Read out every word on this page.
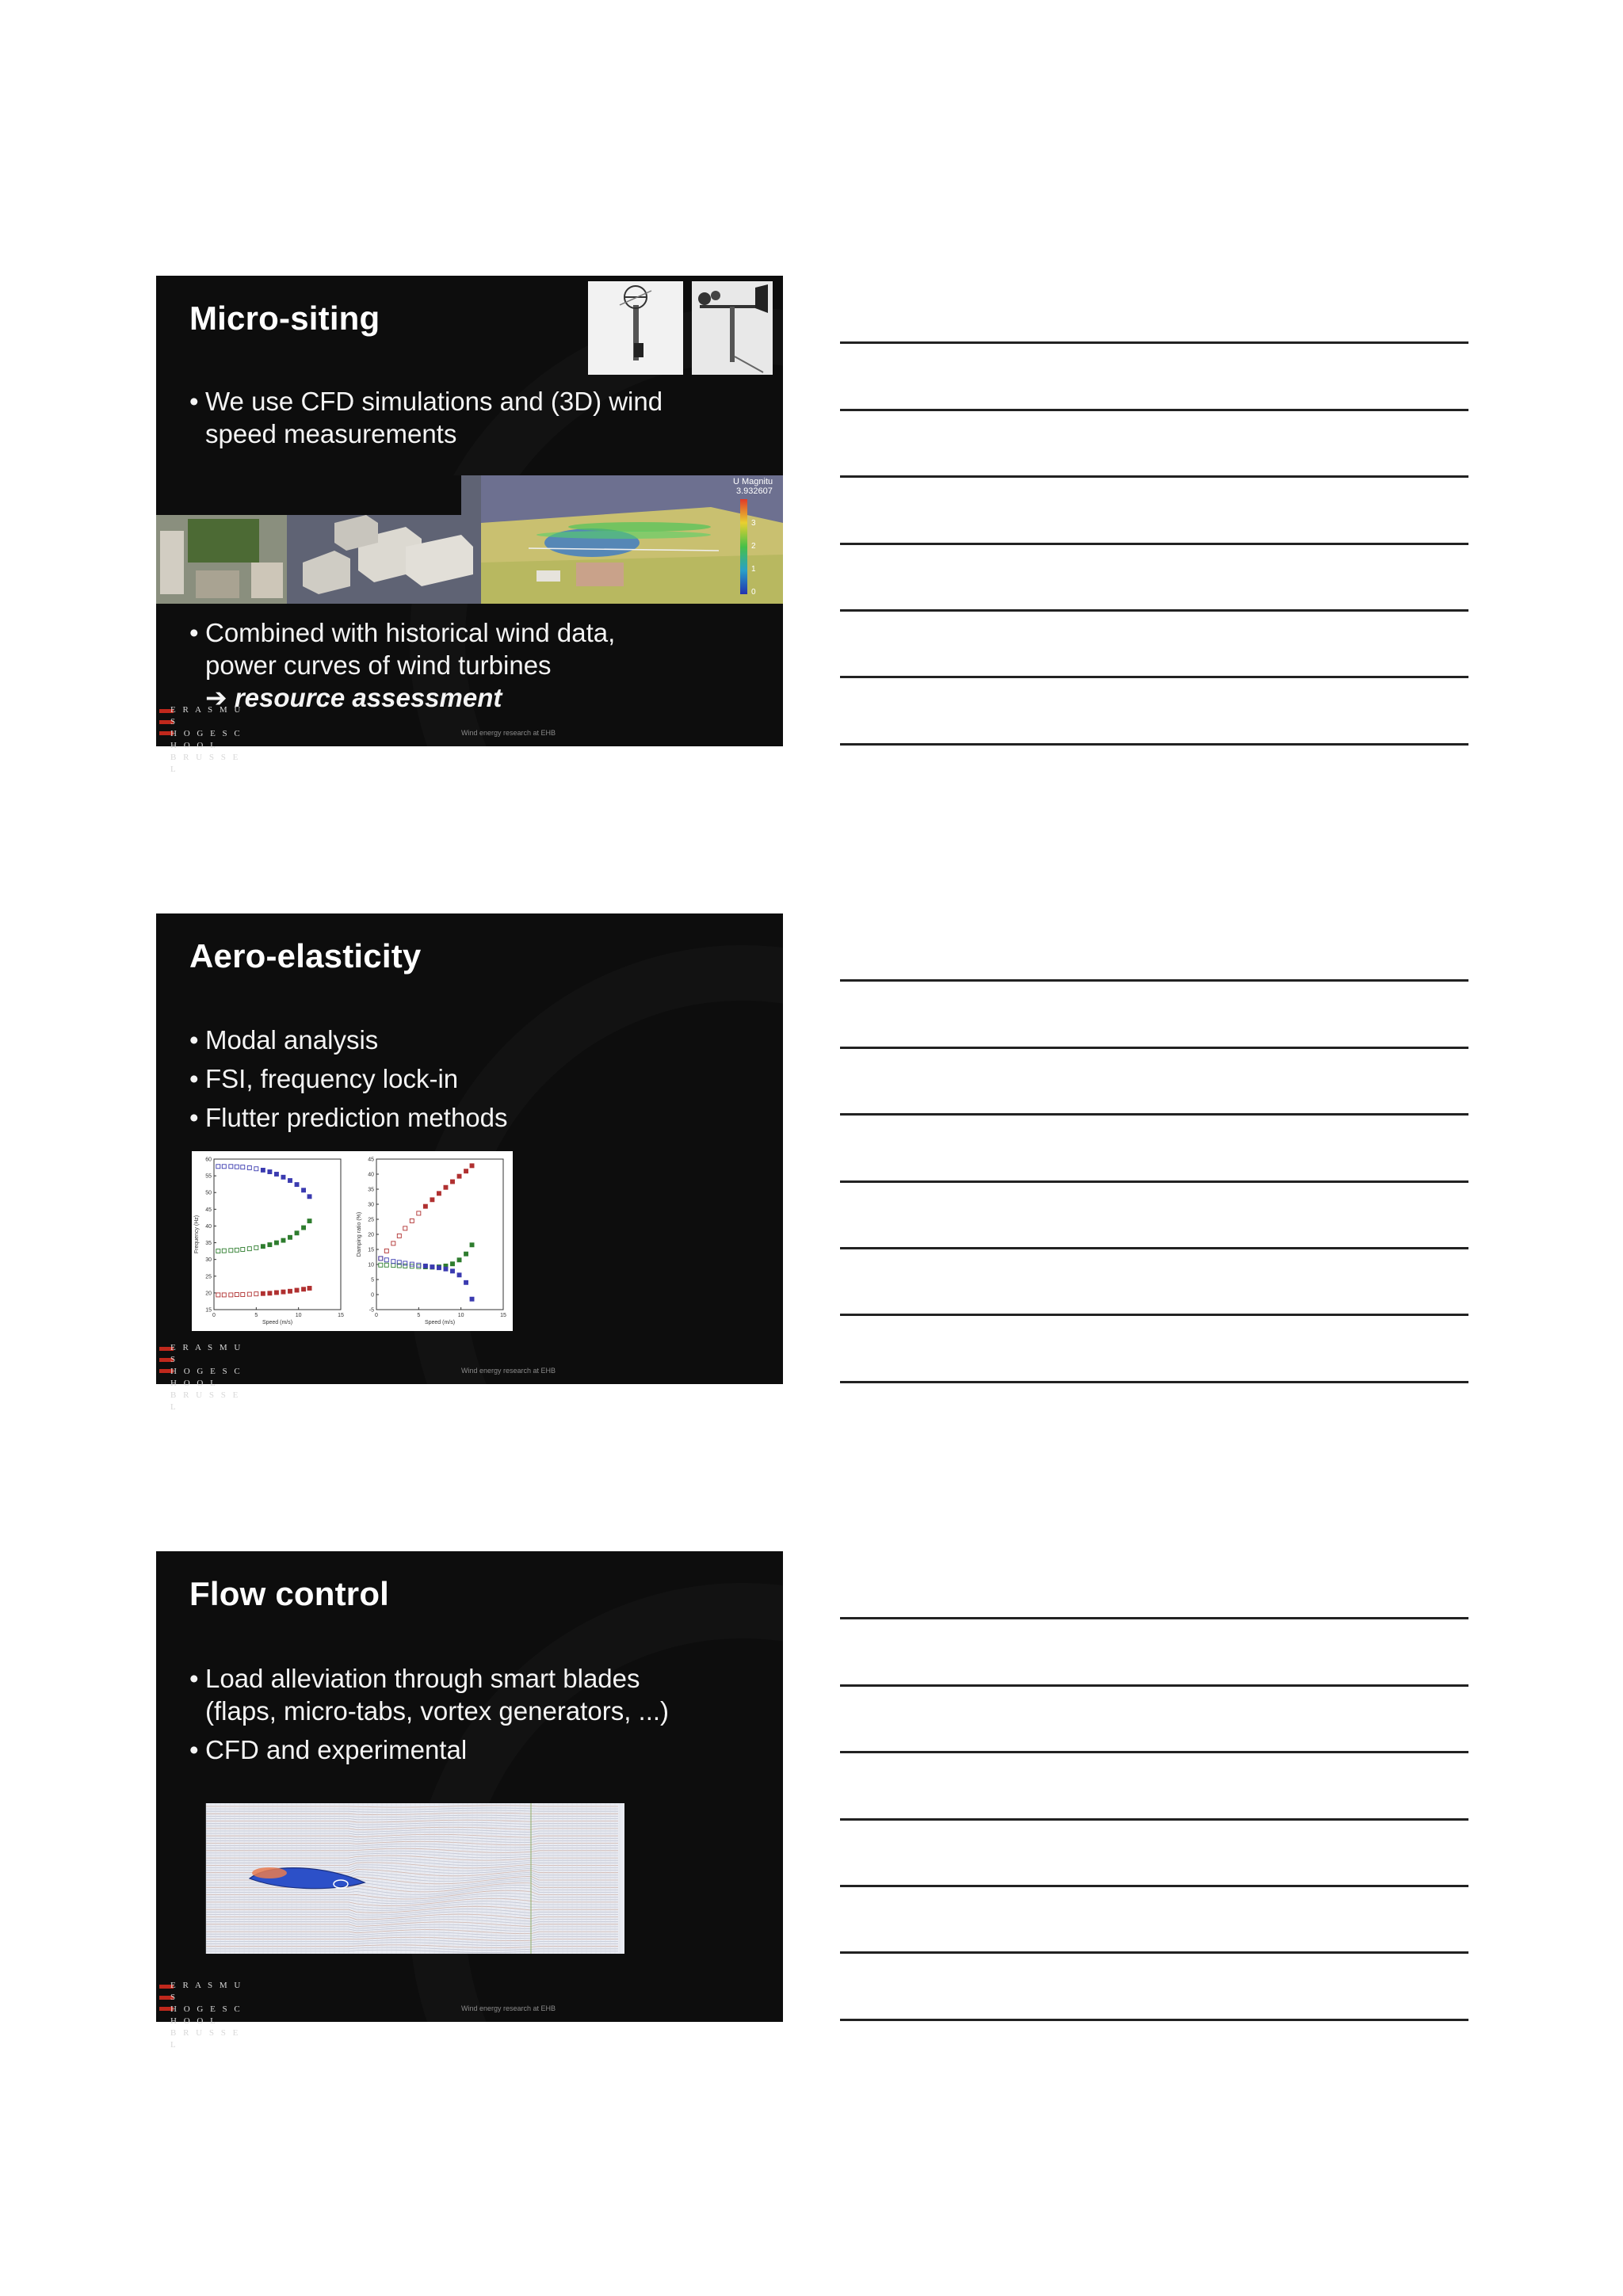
Micro-siting
• We use CFD simulations and (3D) wind speed measurements
U Magnitu
3.932607
3
2
1
0
• Combined with historical wind data, power curves of wind turbines
➔ resource assessment
E R A S M U S
H O G E S C H O O L
B R U S S E L
Wind energy research at EHB
Aero-elasticity
• Modal analysis
• FSI, frequency lock-in
• Flutter prediction methods
0	5	10	15
15
20
25
30
35
40
45
50
55
60
Speed (m/s)
Frequency (Hz)
0	5	10	15
-5
0
5
10
15
20
25
30
35
40
45
Speed (m/s)
Damping ratio (%)
E R A S M U S
H O G E S C H O O L
B R U S S E L
Wind energy research at EHB
Flow control
• Load alleviation through smart blades (flaps, micro-tabs, vortex generators, ...)
• CFD and experimental
E R A S M U S
H O G E S C H O O L
B R U S S E L
Wind energy research at EHB
